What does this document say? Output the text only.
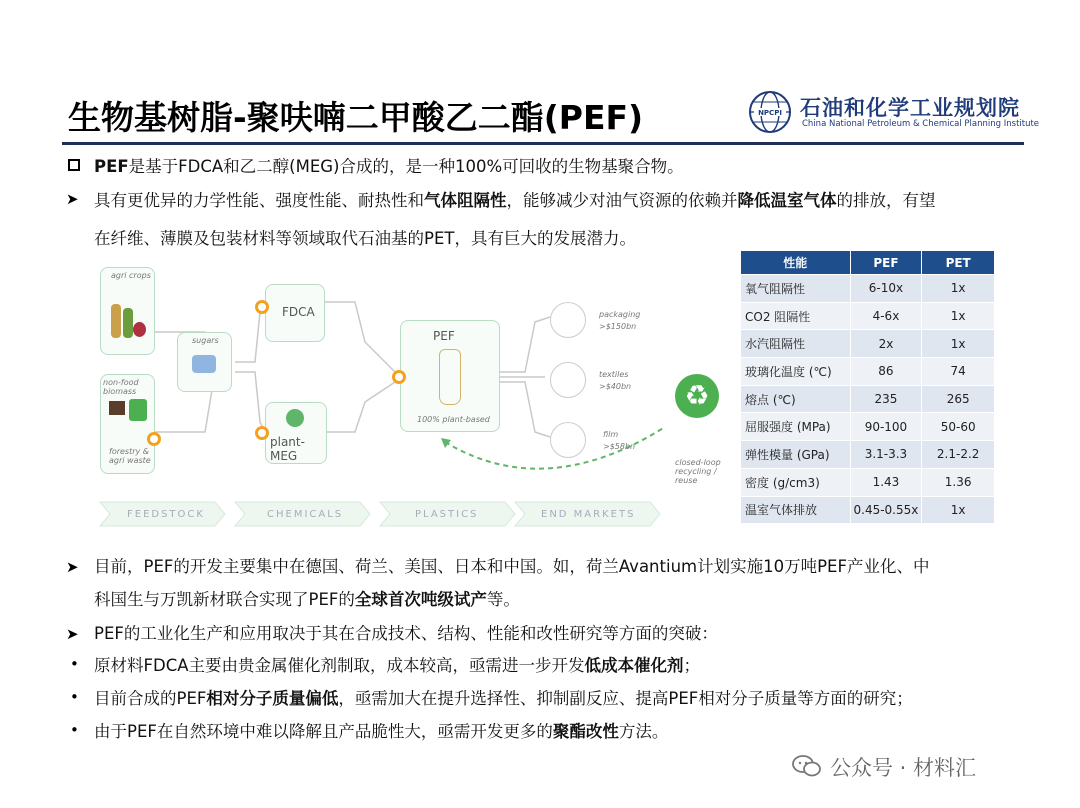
生物基树脂-聚呋喃二甲酸乙二酯(PEF)	NPCPI 石油和化学工业规划院
China National Petroleum & Chemical Planning Institute
PEF是基于FDCA和乙二醇(MEG)合成的，是一种100%可回收的生物基聚合物。
➤ 具有更优异的力学性能、强度性能、耐热性和气体阻隔性，能够减少对油气资源的依赖并降低温室气体的排放，有望
在纤维、薄膜及包装材料等领域取代石油基的PET，具有巨大的发展潜力。
agri crops
non-food biomass
forestry & agri waste
sugars
FDCA
plant-MEG
PEF
100% plant-based
packaging
>$150bn
textiles
>$40bn
film
>$58bn
♻
closed-loop recycling / reuse
FEEDSTOCK	CHEMICALS	PLASTICS	END MARKETS
性能	PEF	PET
氧气阻隔性	6-10x	1x
CO2 阻隔性	4-6x	1x
水汽阻隔性	2x	1x
玻璃化温度 (℃)	86	74
熔点 (℃)	235	265
屈服强度 (MPa)	90-100	50-60
弹性模量 (GPa)	3.1-3.3	2.1-2.2
密度 (g/cm3)	1.43	1.36
温室气体排放	0.45-0.55x	1x
➤ 目前，PEF的开发主要集中在德国、荷兰、美国、日本和中国。如，荷兰Avantium计划实施10万吨PEF产业化、中
科国生与万凯新材联合实现了PEF的全球首次吨级试产等。
➤ PEF的工业化生产和应用取决于其在合成技术、结构、性能和改性研究等方面的突破：
• 原材料FDCA主要由贵金属催化剂制取，成本较高，亟需进一步开发低成本催化剂；
• 目前合成的PEF相对分子质量偏低，亟需加大在提升选择性、抑制副反应、提高PEF相对分子质量等方面的研究；
• 由于PEF在自然环境中难以降解且产品脆性大，亟需开发更多的聚酯改性方法。
公众号 · 材料汇
